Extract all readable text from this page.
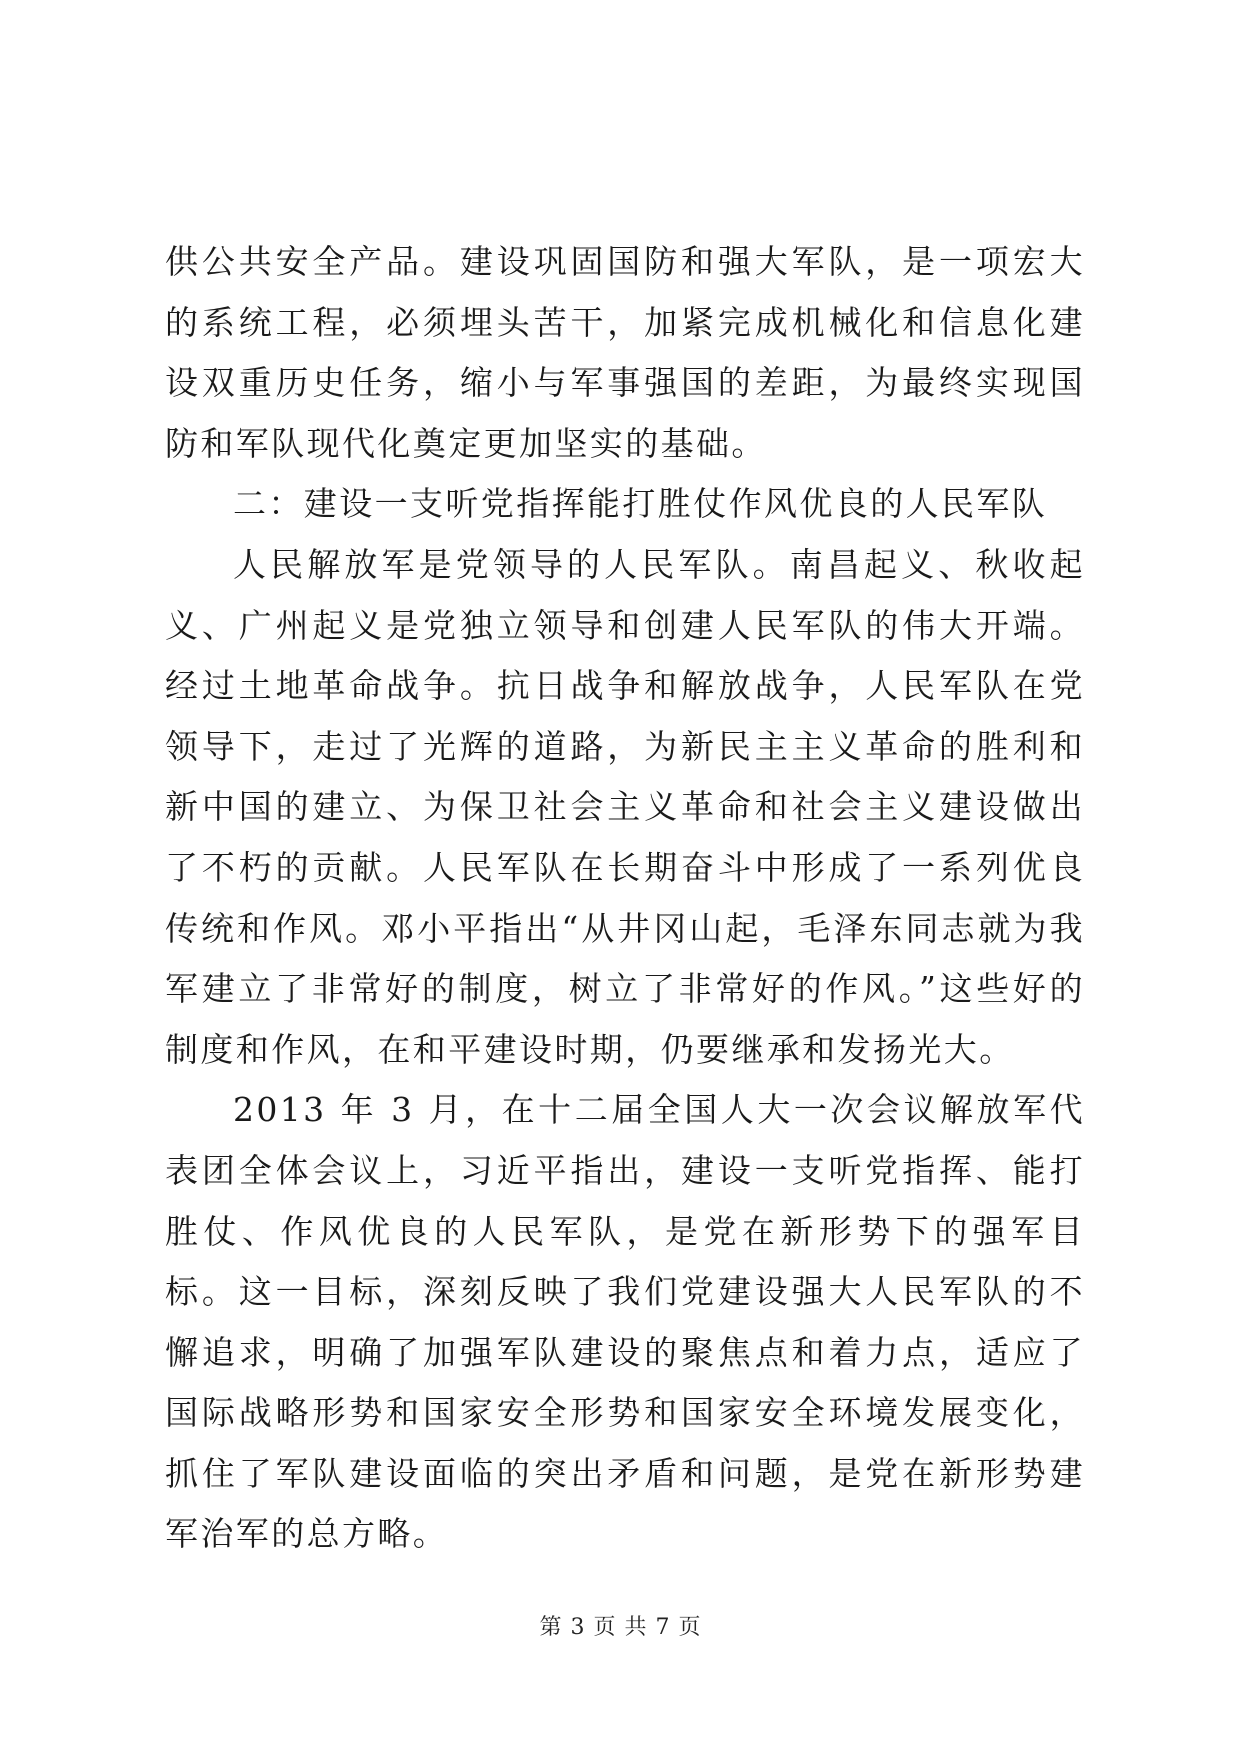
供公共安全产品。建设巩固国防和强大军队，是一项宏大的系统工程，必须埋头苦干，加紧完成机械化和信息化建设双重历史任务，缩小与军事强国的差距，为最终实现国防和军队现代化奠定更加坚实的基础。

二：建设一支听党指挥能打胜仗作风优良的人民军队

人民解放军是党领导的人民军队。南昌起义、秋收起义、广州起义是党独立领导和创建人民军队的伟大开端。经过土地革命战争。抗日战争和解放战争，人民军队在党领导下，走过了光辉的道路，为新民主主义革命的胜利和新中国的建立、为保卫社会主义革命和社会主义建设做出了不朽的贡献。人民军队在长期奋斗中形成了一系列优良传统和作风。邓小平指出“从井冈山起，毛泽东同志就为我军建立了非常好的制度，树立了非常好的作风。”这些好的制度和作风，在和平建设时期，仍要继承和发扬光大。

2013 年 3 月，在十二届全国人大一次会议解放军代表团全体会议上，习近平指出，建设一支听党指挥、能打胜仗、作风优良的人民军队，是党在新形势下的强军目标。这一目标，深刻反映了我们党建设强大人民军队的不懈追求，明确了加强军队建设的聚焦点和着力点，适应了国际战略形势和国家安全形势和国家安全环境发展变化，抓住了军队建设面临的突出矛盾和问题，是党在新形势建军治军的总方略。

第 3 页 共 7 页
